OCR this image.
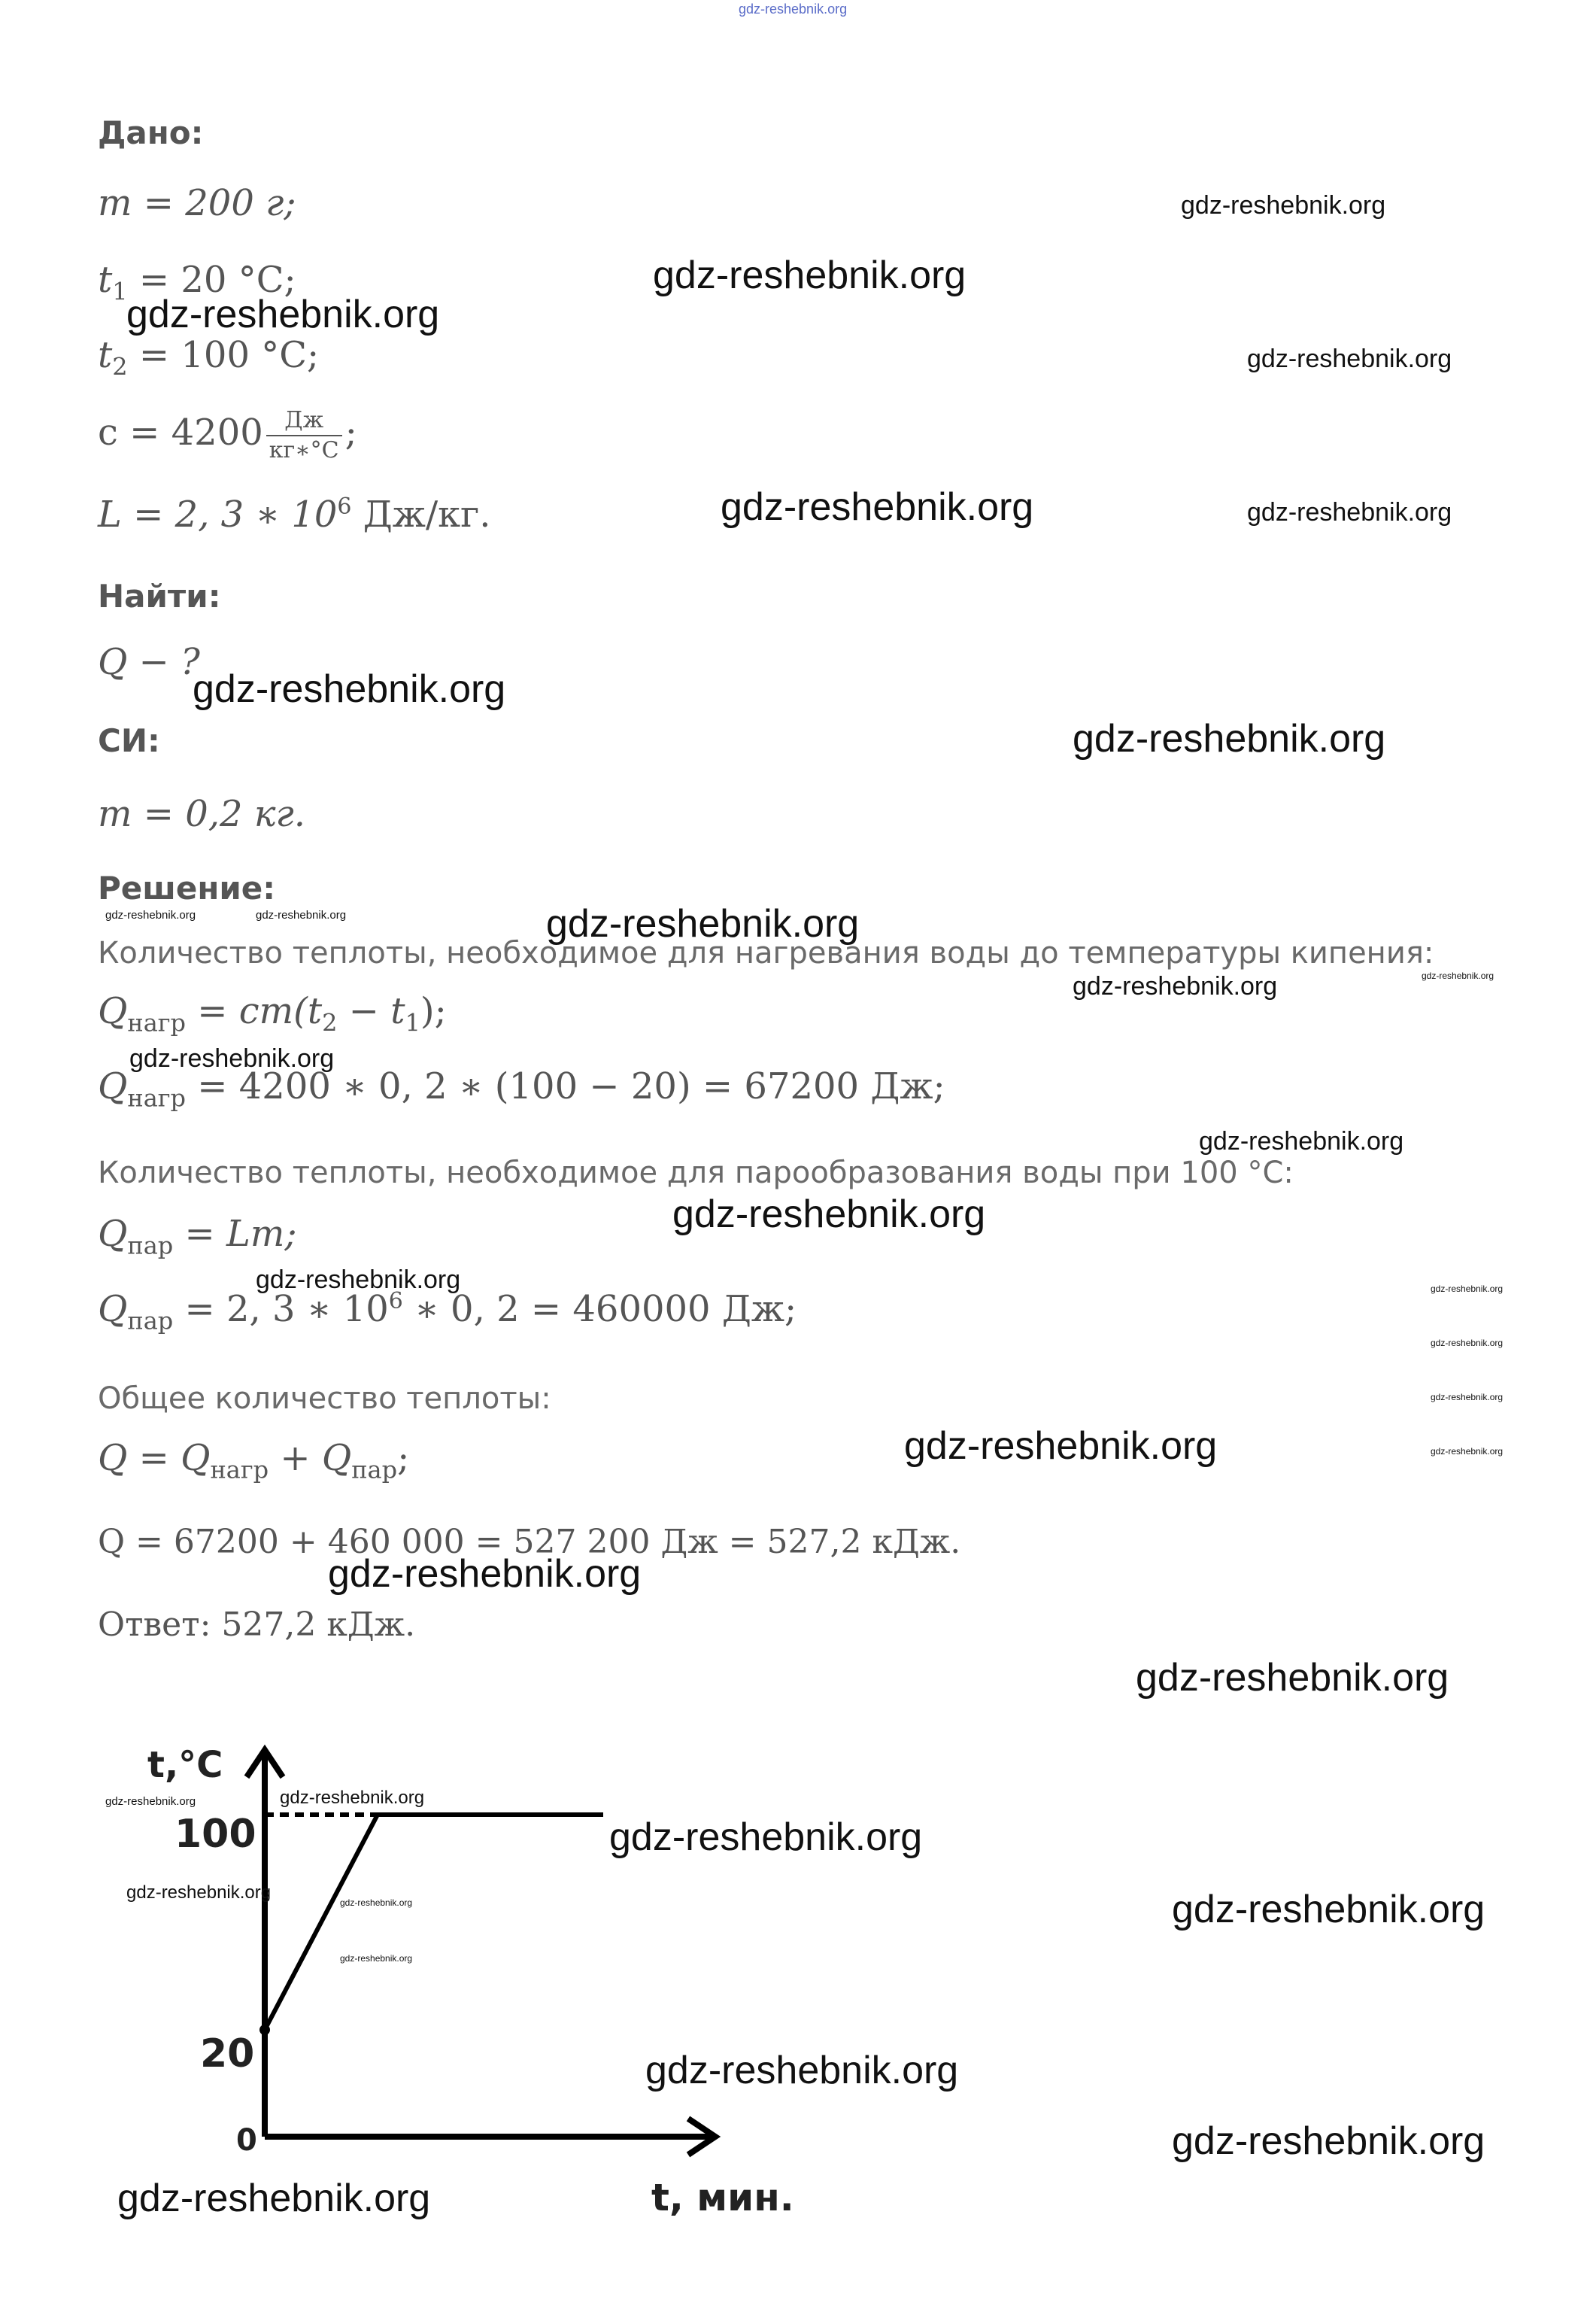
gdz-reshebnik.org
Дано:
m = 200 г;
$t_1 = 20$ °С;
$t_2 = 100$ °С;
$c = 4200 \frac{Дж}{кг∗^\circ С}$ ;
L = 2, 3 ∗ $10^6$ Дж/кг.
Найти:
Q − ?
СИ:
m = 0,2 кг.
Решение:
Количество теплоты, необходимое для нагревания воды до температуры кипения:
$Q_{нагр} = cm(t_2 - t_1)$;
$Q_{нагр} = 4200$ ∗ 0, 2 ∗ (100 − 20) = 67200 Дж;
Количество теплоты, необходимое для парообразования воды при 100 °С:
$Q_{пар} = Lm$;
$Q_{пар} = 2$, 3 ∗ $10^6$ ∗ 0, 2 = 460000 Дж;
Общее количество теплоты:
$Q = Q_{нагр} + Q_{пар}$;
Q = 67200 + 460 000 = 527 200 Дж = 527,2 кДж.
Ответ: 527,2 кДж.
t,°С
100
20
0
t, мин.
gdz-reshebnik.org
gdz-reshebnik.org
gdz-reshebnik.org
gdz-reshebnik.org
gdz-reshebnik.org	gdz-reshebnik.org
gdz-reshebnik.org
gdz-reshebnik.org
gdz-reshebnik.org	gdz-reshebnik.org	gdz-reshebnik.org
gdz-reshebnik.org	gdz-reshebnik.org
gdz-reshebnik.org
gdz-reshebnik.org
gdz-reshebnik.org
gdz-reshebnik.org	gdz-reshebnik.org
gdz-reshebnik.org
gdz-reshebnik.org
gdz-reshebnik.org
gdz-reshebnik.org
gdz-reshebnik.org
gdz-reshebnik.org
gdz-reshebnik.org	gdz-reshebnik.org
gdz-reshebnik.org
gdz-reshebnik.org	gdz-reshebnik.org	gdz-reshebnik.org
gdz-reshebnik.org
gdz-reshebnik.org
gdz-reshebnik.org
gdz-reshebnik.org
